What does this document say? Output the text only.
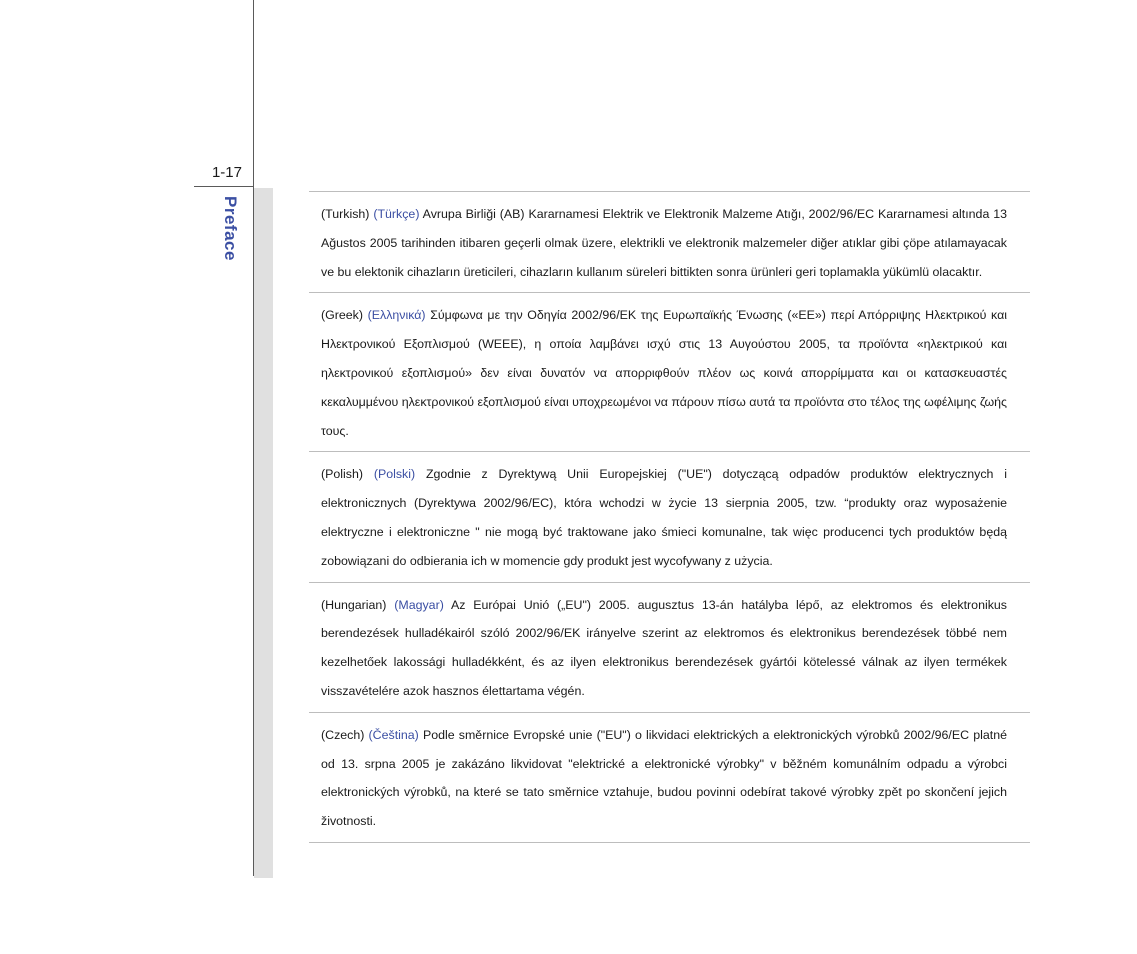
1-17
Preface	(Turkish) (Türkçe) Avrupa Birliği (AB) Kararnamesi Elektrik ve Elektronik Malzeme Atığı, 2002/96/EC Kararnamesi altında 13 Ağustos 2005 tarihinden itibaren geçerli olmak üzere, elektrikli ve elektronik malzemeler diğer atıklar gibi çöpe atılamayacak ve bu elektonik cihazların üreticileri, cihazların kullanım süreleri bittikten sonra ürünleri geri toplamakla yükümlü olacaktır.
(Greek) (Ελληνικά) Σύμφωνα με την Οδηγία 2002/96/ΕΚ της Ευρωπαϊκής Ένωσης («ΕΕ») περί Απόρριψης Ηλεκτρικού και Ηλεκτρονικού Εξοπλισμού (WEEE), η οποία λαμβάνει ισχύ στις 13 Αυγούστου 2005, τα προϊόντα «ηλεκτρικού και ηλεκτρονικού εξοπλισμού» δεν είναι δυνατόν να απορριφθούν πλέον ως κοινά απορρίμματα και οι κατασκευαστές κεκαλυμμένου ηλεκτρονικού εξοπλισμού είναι υποχρεωμένοι να πάρουν πίσω αυτά τα προϊόντα στο τέλος της ωφέλιμης ζωής τους.
(Polish) (Polski) Zgodnie z Dyrektywą Unii Europejskiej ("UE") dotyczącą odpadów produktów elektrycznych i elektronicznych (Dyrektywa 2002/96/EC), która wchodzi w życie 13 sierpnia 2005, tzw. “produkty oraz wyposażenie elektryczne i elektroniczne " nie mogą być traktowane jako śmieci komunalne, tak więc producenci tych produktów będą zobowiązani do odbierania ich w momencie gdy produkt jest wycofywany z użycia.
(Hungarian) (Magyar) Az Európai Unió („EU") 2005. augusztus 13-án hatályba lépő, az elektromos és elektronikus berendezések hulladékairól szóló 2002/96/EK irányelve szerint az elektromos és elektronikus berendezések többé nem kezelhetőek lakossági hulladékként, és az ilyen elektronikus berendezések gyártói kötelessé válnak az ilyen termékek visszavételére azok hasznos élettartama végén.
(Czech) (Čeština) Podle směrnice Evropské unie ("EU") o likvidaci elektrických a elektronických výrobků 2002/96/EC platné od 13. srpna 2005 je zakázáno likvidovat "elektrické a elektronické výrobky" v běžném komunálním odpadu a výrobci elektronických výrobků, na které se tato směrnice vztahuje, budou povinni odebírat takové výrobky zpět po skončení jejich životnosti.
